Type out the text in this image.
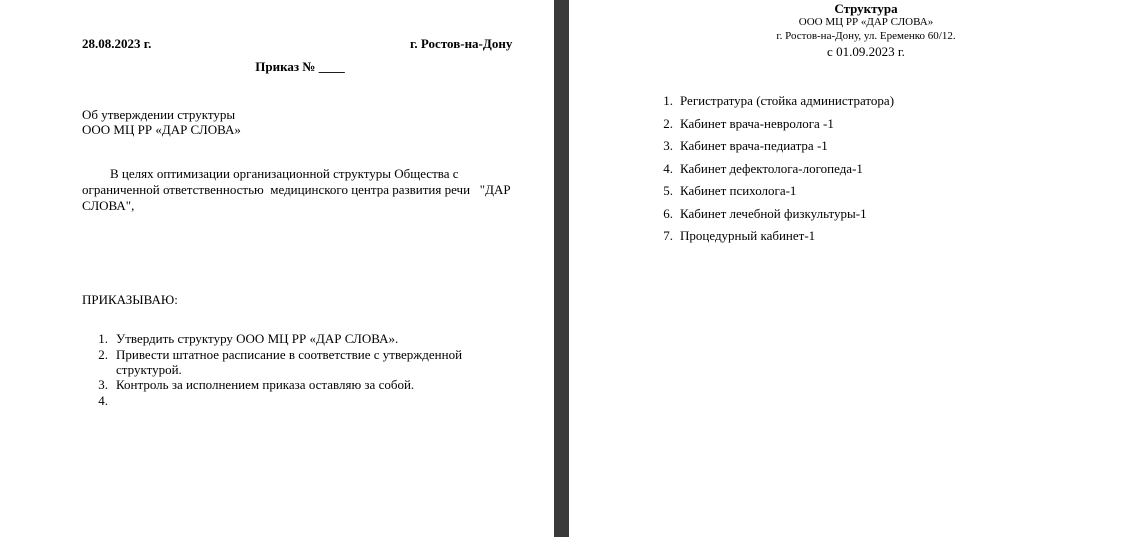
28.08.2023 г.	г. Ростов-на-Дону
Приказ № ____
Об утверждении структуры
ООО МЦ РР «ДАР СЛОВА»
В целях оптимизации организационной структуры Общества с
ограниченной ответственностью  медицинского центра развития речи   "ДАР
СЛОВА",
ПРИКАЗЫВАЮ:
1. Утвердить структуру ООО МЦ РР «ДАР СЛОВА».
2. Привести штатное расписание в соответствие с утвержденной
структурой.
3. Контроль за исполнением приказа оставляю за собой.
4.
Структура
ООО МЦ РР «ДАР СЛОВА»
г. Ростов-на-Дону, ул. Еременко 60/12.
с 01.09.2023 г.
1. Регистратура (стойка администратора)
2. Кабинет врача-невролога -1
3. Кабинет врача-педиатра -1
4. Кабинет дефектолога-логопеда-1
5. Кабинет психолога-1
6. Кабинет лечебной физкультуры-1
7. Процедурный кабинет-1
